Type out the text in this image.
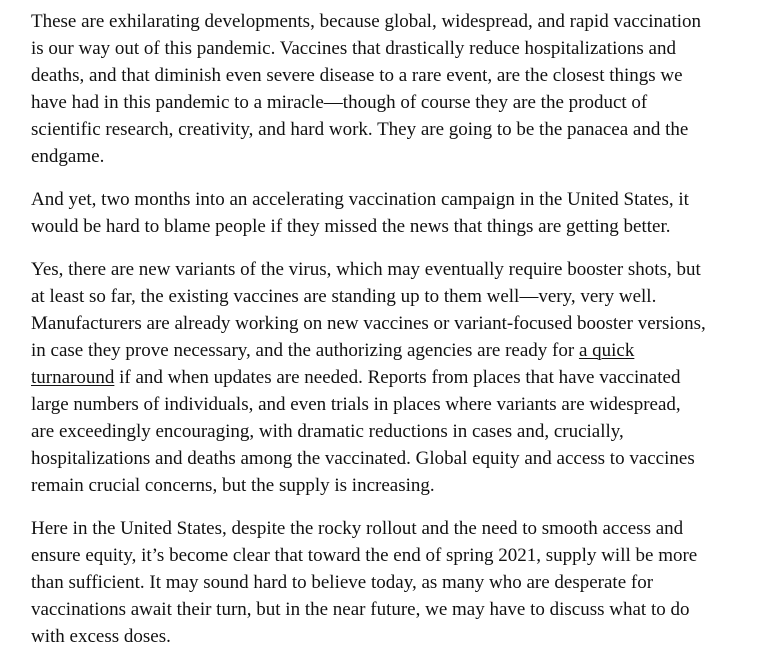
These are exhilarating developments, because global, widespread, and rapid vaccination is our way out of this pandemic. Vaccines that drastically reduce hospitalizations and deaths, and that diminish even severe disease to a rare event, are the closest things we have had in this pandemic to a miracle—though of course they are the product of scientific research, creativity, and hard work. They are going to be the panacea and the endgame.

And yet, two months into an accelerating vaccination campaign in the United States, it would be hard to blame people if they missed the news that things are getting better.

Yes, there are new variants of the virus, which may eventually require booster shots, but at least so far, the existing vaccines are standing up to them well—very, very well. Manufacturers are already working on new vaccines or variant-focused booster versions, in case they prove necessary, and the authorizing agencies are ready for a quick turnaround if and when updates are needed. Reports from places that have vaccinated large numbers of individuals, and even trials in places where variants are widespread, are exceedingly encouraging, with dramatic reductions in cases and, crucially, hospitalizations and deaths among the vaccinated. Global equity and access to vaccines remain crucial concerns, but the supply is increasing.

Here in the United States, despite the rocky rollout and the need to smooth access and ensure equity, it’s become clear that toward the end of spring 2021, supply will be more than sufficient. It may sound hard to believe today, as many who are desperate for vaccinations await their turn, but in the near future, we may have to discuss what to do with excess doses.
